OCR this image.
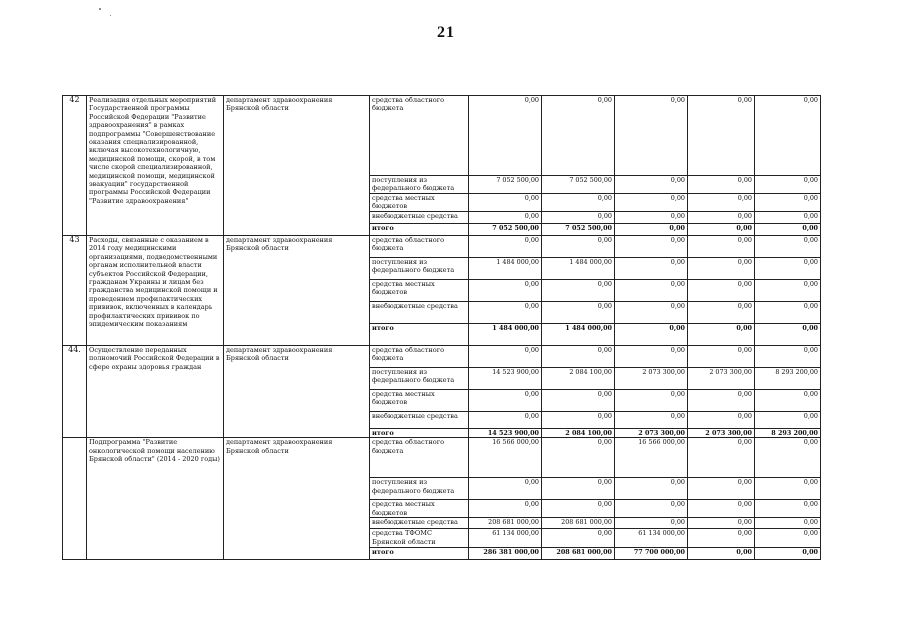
21
42	Реализация отдельных мероприятий Государственной программы Российской Федерации "Развитие здравоохранения" в рамках подпрограммы "Совершенствование оказания специализированной, включая высокотехнологичную, медицинской помощи, скорой, в том числе скорой специализированной, медицинской помощи, медицинской эвакуации" государственной программы Российской Федерации "Развитие здравоохранения"	департамент здравоохранения Брянской области	средства областного бюджета	0,00	0,00	0,00	0,00	0,00
			поступления из федерального бюджета	7 052 500,00	7 052 500,00	0,00	0,00	0,00
			средства местных бюджетов	0,00	0,00	0,00	0,00	0,00
			внебюджетные средства	0,00	0,00	0,00	0,00	0,00
			итого	7 052 500,00	7 052 500,00	0,00	0,00	0,00
43	Расходы, связанные с оказанием в 2014 году медицинскими организациями, подведомственными органам исполнительной власти субъектов Российской Федерации, гражданам Украины и лицам без гражданства медицинской помощи и проведением профилактических прививок, включенных в календарь профилактических прививок по эпидемическим показаниям	департамент здравоохранения Брянской области	средства областного бюджета	0,00	0,00	0,00	0,00	0,00
			поступления из федерального бюджета	1 484 000,00	1 484 000,00	0,00	0,00	0,00
			средства местных бюджетов	0,00	0,00	0,00	0,00	0,00
			внебюджетные средства	0,00	0,00	0,00	0,00	0,00
			итого	1 484 000,00	1 484 000,00	0,00	0,00	0,00
44.	Осуществление переданных полномочий Российской Федерации в сфере охраны здоровья граждан	департамент здравоохранения Брянской области	средства областного бюджета	0,00	0,00	0,00	0,00	0,00
			поступления из федерального бюджета	14 523 900,00	2 084 100,00	2 073 300,00	2 073 300,00	8 293 200,00
			средства местных бюджетов	0,00	0,00	0,00	0,00	0,00
			внебюджетные средства	0,00	0,00	0,00	0,00	0,00
			итого	14 523 900,00	2 084 100,00	2 073 300,00	2 073 300,00	8 293 200,00
	Подпрограмма "Развитие онкологической помощи населению Брянской области" (2014 - 2020 годы)	департамент здравоохранения Брянской области	средства областного бюджета	16 566 000,00	0,00	16 566 000,00	0,00	0,00
			поступления из федерального бюджета	0,00	0,00	0,00	0,00	0,00
			средства местных бюджетов	0,00	0,00	0,00	0,00	0,00
			внебюджетные средства	208 681 000,00	208 681 000,00	0,00	0,00	0,00
			средства ТФОМС Брянской области	61 134 000,00	0,00	61 134 000,00	0,00	0,00
			итого	286 381 000,00	208 681 000,00	77 700 000,00	0,00	0,00
